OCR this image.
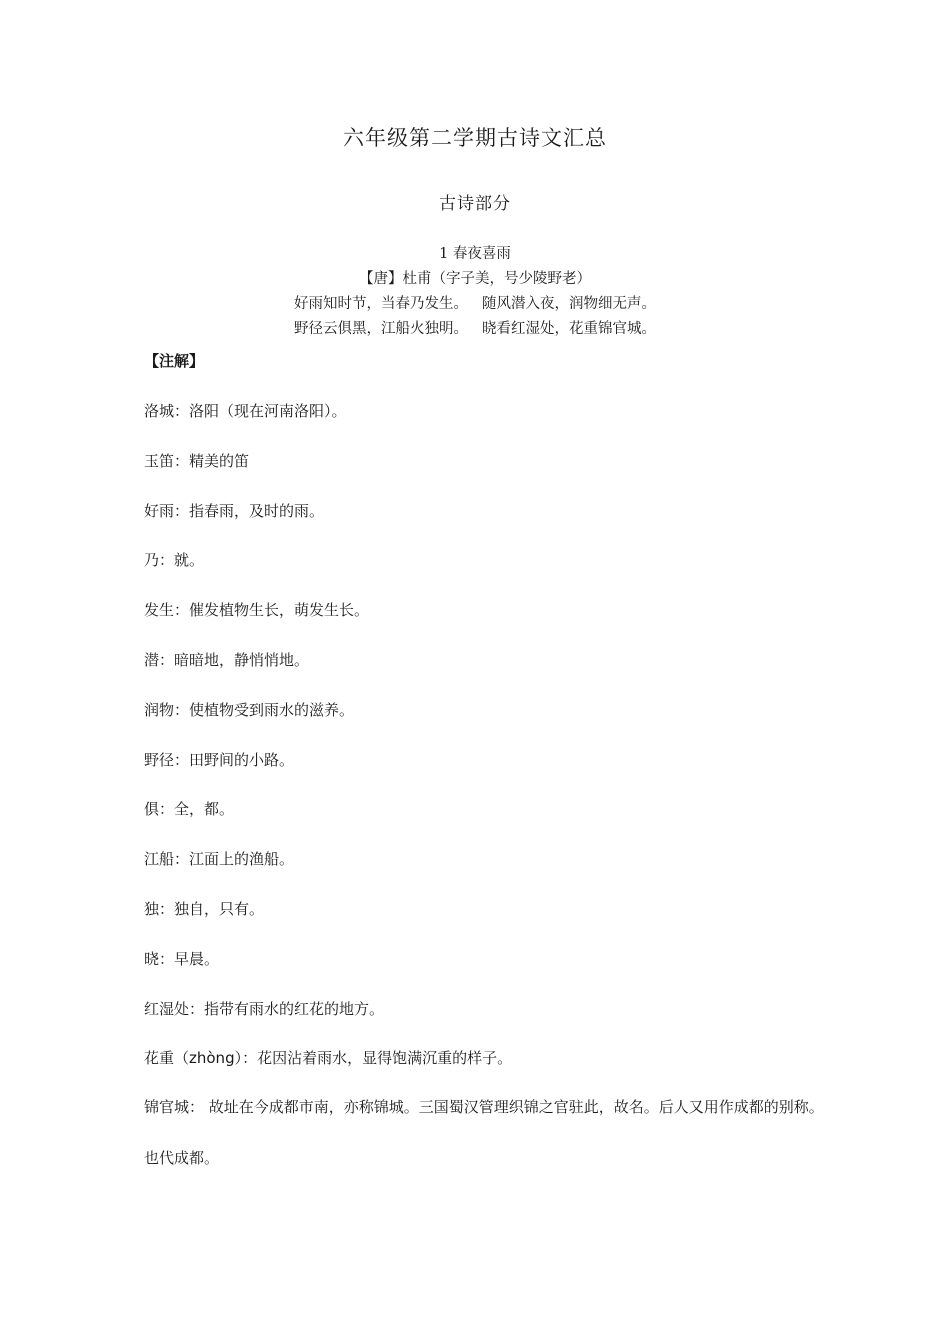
六年级第二学期古诗文汇总
古诗部分
1 春夜喜雨
【唐】杜甫（字子美，号少陵野老）
好雨知时节，当春乃发生。 随风潜入夜，润物细无声。
野径云俱黑，江船火独明。 晓看红湿处，花重锦官城。
【注解】
洛城：洛阳（现在河南洛阳）。
玉笛：精美的笛
好雨：指春雨，及时的雨。
乃：就。
发生：催发植物生长，萌发生长。
潜：暗暗地，静悄悄地。
润物：使植物受到雨水的滋养。
野径：田野间的小路。
俱：全，都。
江船：江面上的渔船。
独：独自，只有。
晓：早晨。
红湿处：指带有雨水的红花的地方。
花重（zhòng）：花因沾着雨水，显得饱满沉重的样子。
锦官城： 故址在今成都市南，亦称锦城。三国蜀汉管理织锦之官驻此，故名。后人又用作成都的别称。也代成都。
